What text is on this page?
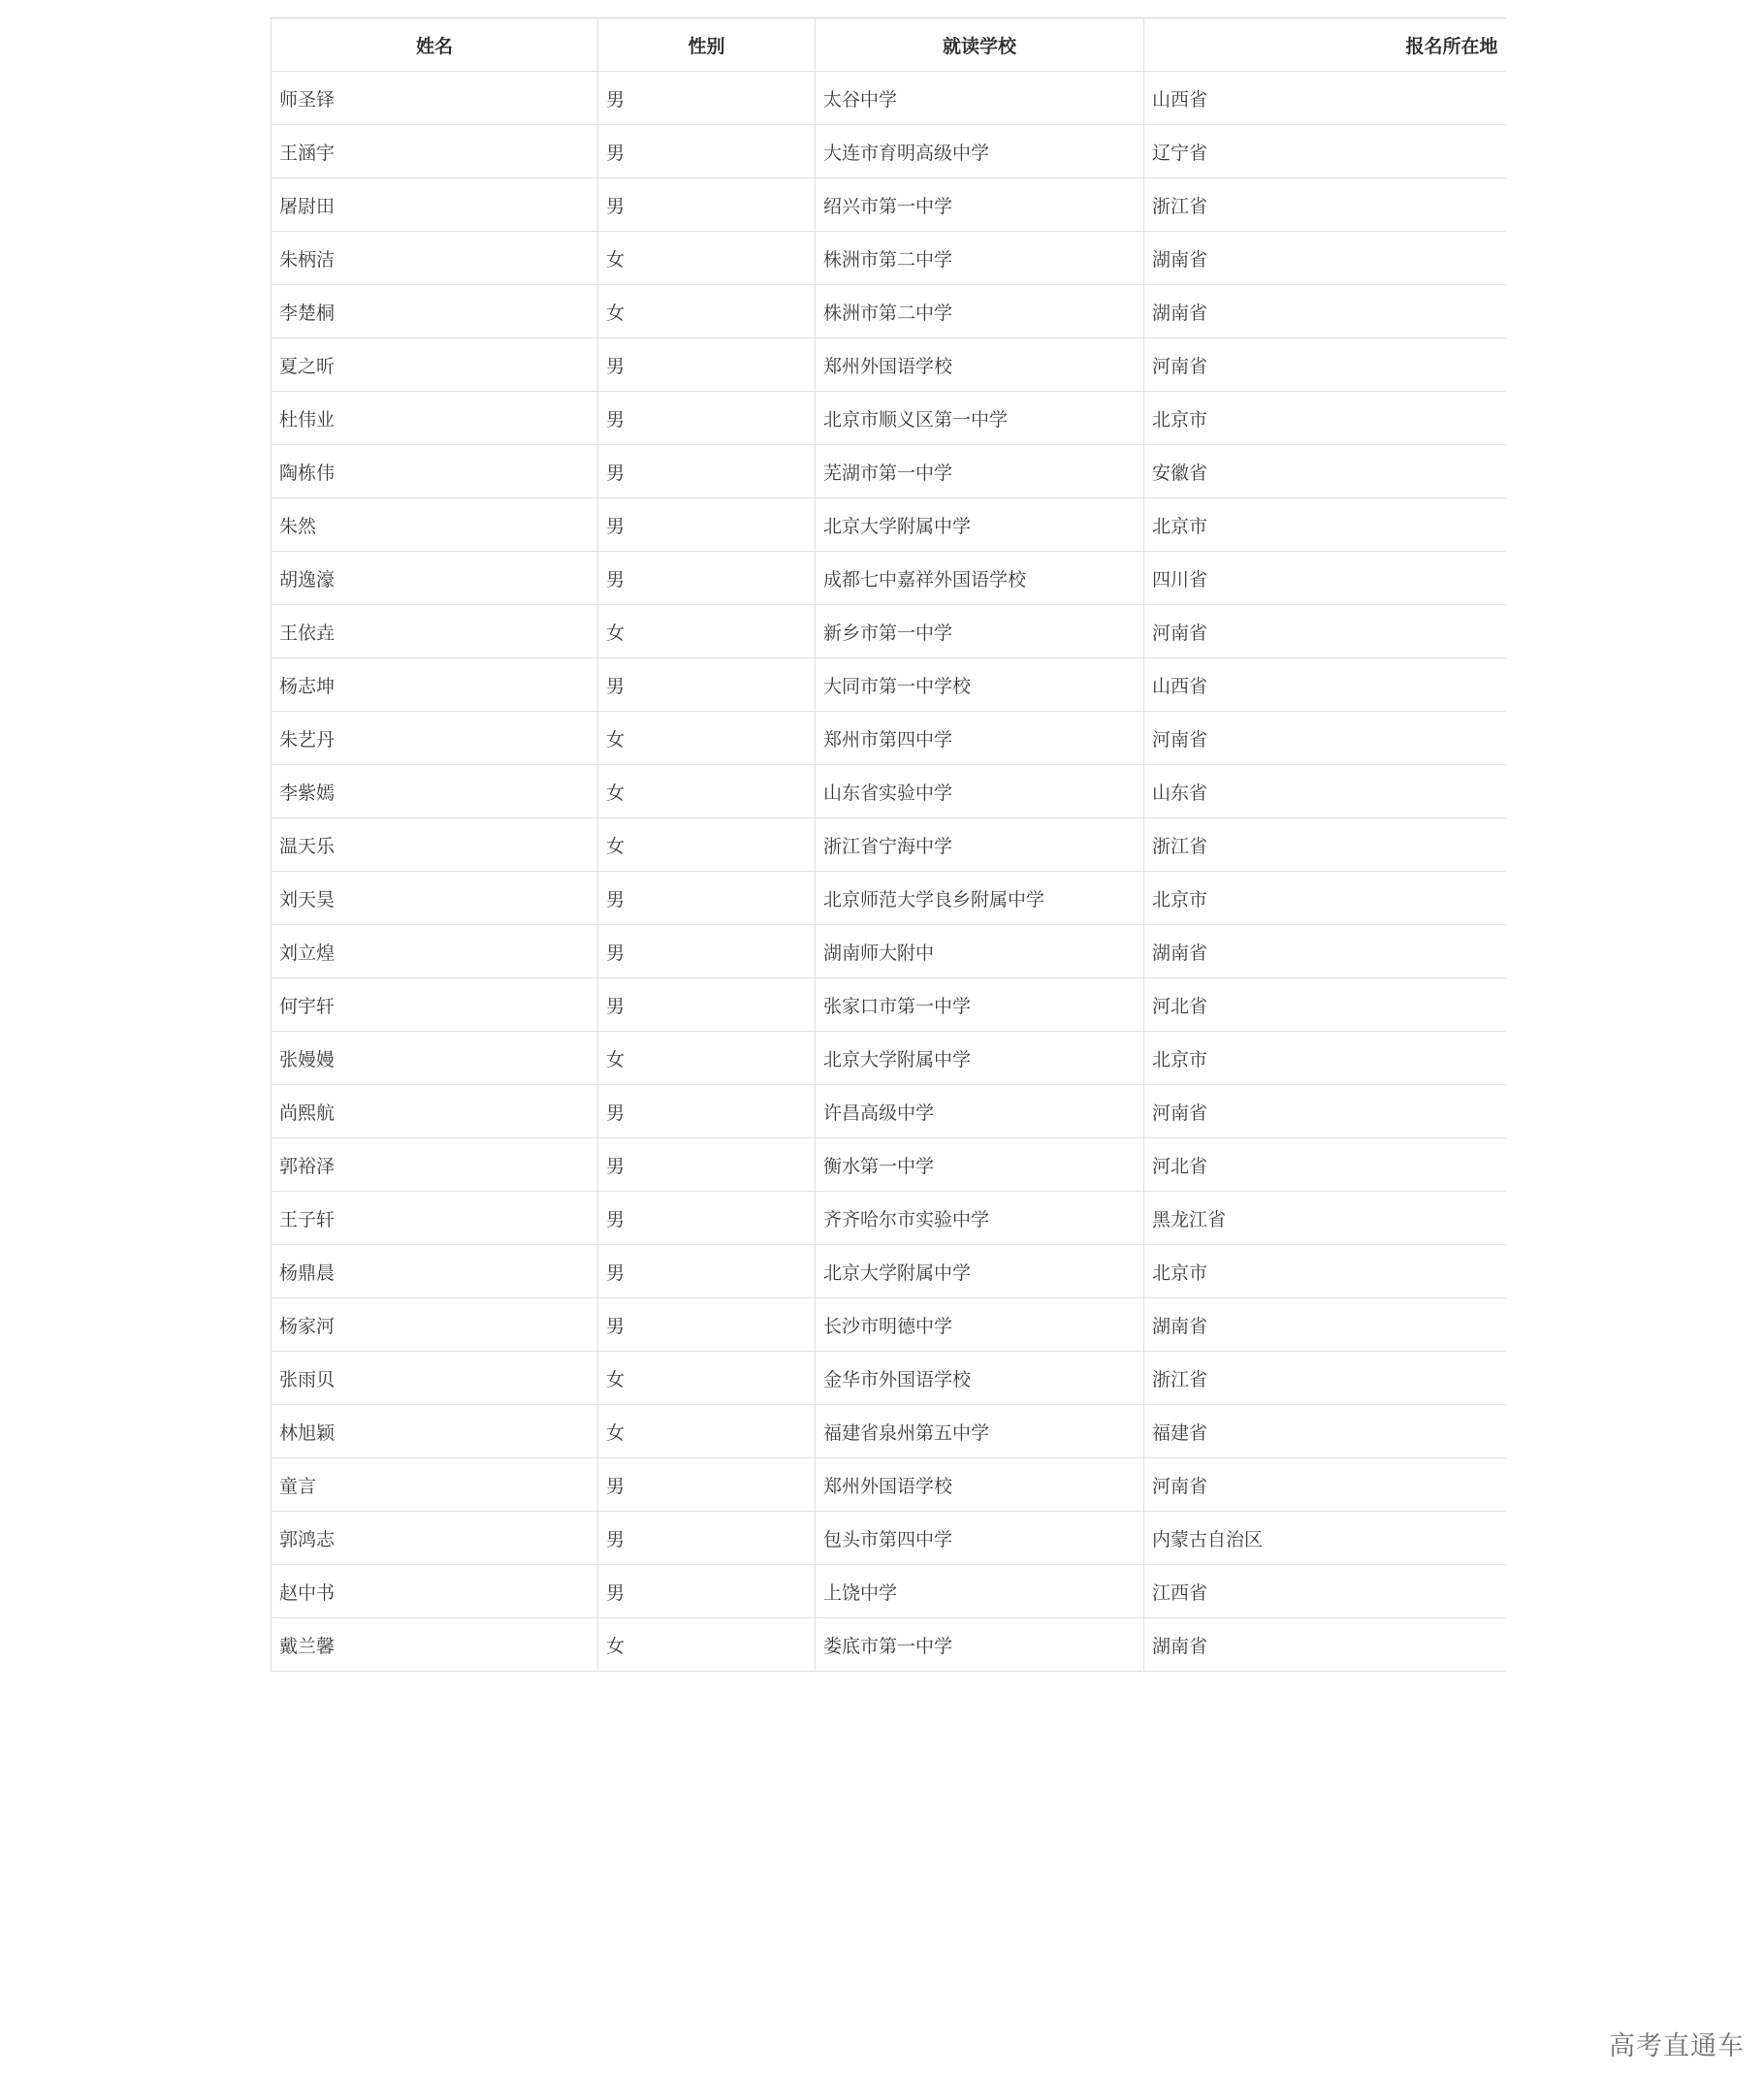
姓名	性别	就读学校	报名所在地
师圣铎	男	太谷中学	山西省
王涵宇	男	大连市育明高级中学	辽宁省
屠尉田	男	绍兴市第一中学	浙江省
朱柄洁	女	株洲市第二中学	湖南省
李楚桐	女	株洲市第二中学	湖南省
夏之昕	男	郑州外国语学校	河南省
杜伟业	男	北京市顺义区第一中学	北京市
陶栋伟	男	芜湖市第一中学	安徽省
朱然	男	北京大学附属中学	北京市
胡逸濠	男	成都七中嘉祥外国语学校	四川省
王依垚	女	新乡市第一中学	河南省
杨志坤	男	大同市第一中学校	山西省
朱艺丹	女	郑州市第四中学	河南省
李紫嫣	女	山东省实验中学	山东省
温天乐	女	浙江省宁海中学	浙江省
刘天昊	男	北京师范大学良乡附属中学	北京市
刘立煌	男	湖南师大附中	湖南省
何宇轩	男	张家口市第一中学	河北省
张嫚嫚	女	北京大学附属中学	北京市
尚熙航	男	许昌高级中学	河南省
郭裕泽	男	衡水第一中学	河北省
王子轩	男	齐齐哈尔市实验中学	黑龙江省
杨鼎晨	男	北京大学附属中学	北京市
杨家河	男	长沙市明德中学	湖南省
张雨贝	女	金华市外国语学校	浙江省
林旭颖	女	福建省泉州第五中学	福建省
童言	男	郑州外国语学校	河南省
郭鸿志	男	包头市第四中学	内蒙古自治区
赵中书	男	上饶中学	江西省
戴兰馨	女	娄底市第一中学	湖南省
高考直通车
